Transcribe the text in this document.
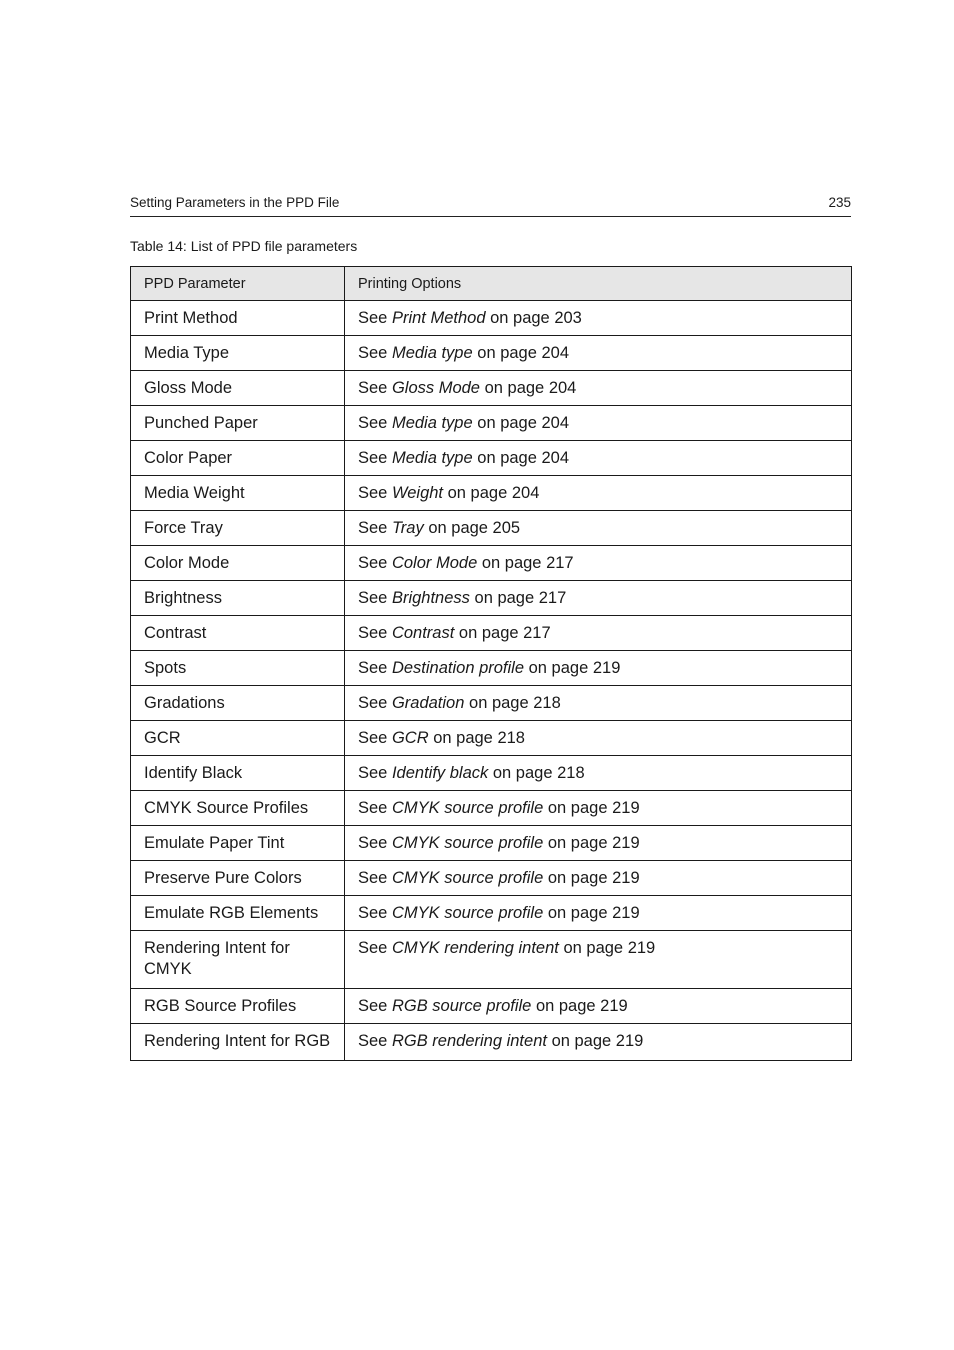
Setting Parameters in the PPD File	235
Table 14: List of PPD file parameters
PPD Parameter	Printing Options
Print Method	See Print Method on page 203
Media Type	See Media type on page 204
Gloss Mode	See Gloss Mode on page 204
Punched Paper	See Media type on page 204
Color Paper	See Media type on page 204
Media Weight	See Weight on page 204
Force Tray	See Tray on page 205
Color Mode	See Color Mode on page 217
Brightness	See Brightness on page 217
Contrast	See Contrast on page 217
Spots	See Destination profile on page 219
Gradations	See Gradation on page 218
GCR	See GCR on page 218
Identify Black	See Identify black on page 218
CMYK Source Profiles	See CMYK source profile on page 219
Emulate Paper Tint	See CMYK source profile on page 219
Preserve Pure Colors	See CMYK source profile on page 219
Emulate RGB Elements	See CMYK source profile on page 219
Rendering Intent for CMYK	See CMYK rendering intent on page 219
RGB Source Profiles	See RGB source profile on page 219
Rendering Intent for RGB	See RGB rendering intent on page 219
